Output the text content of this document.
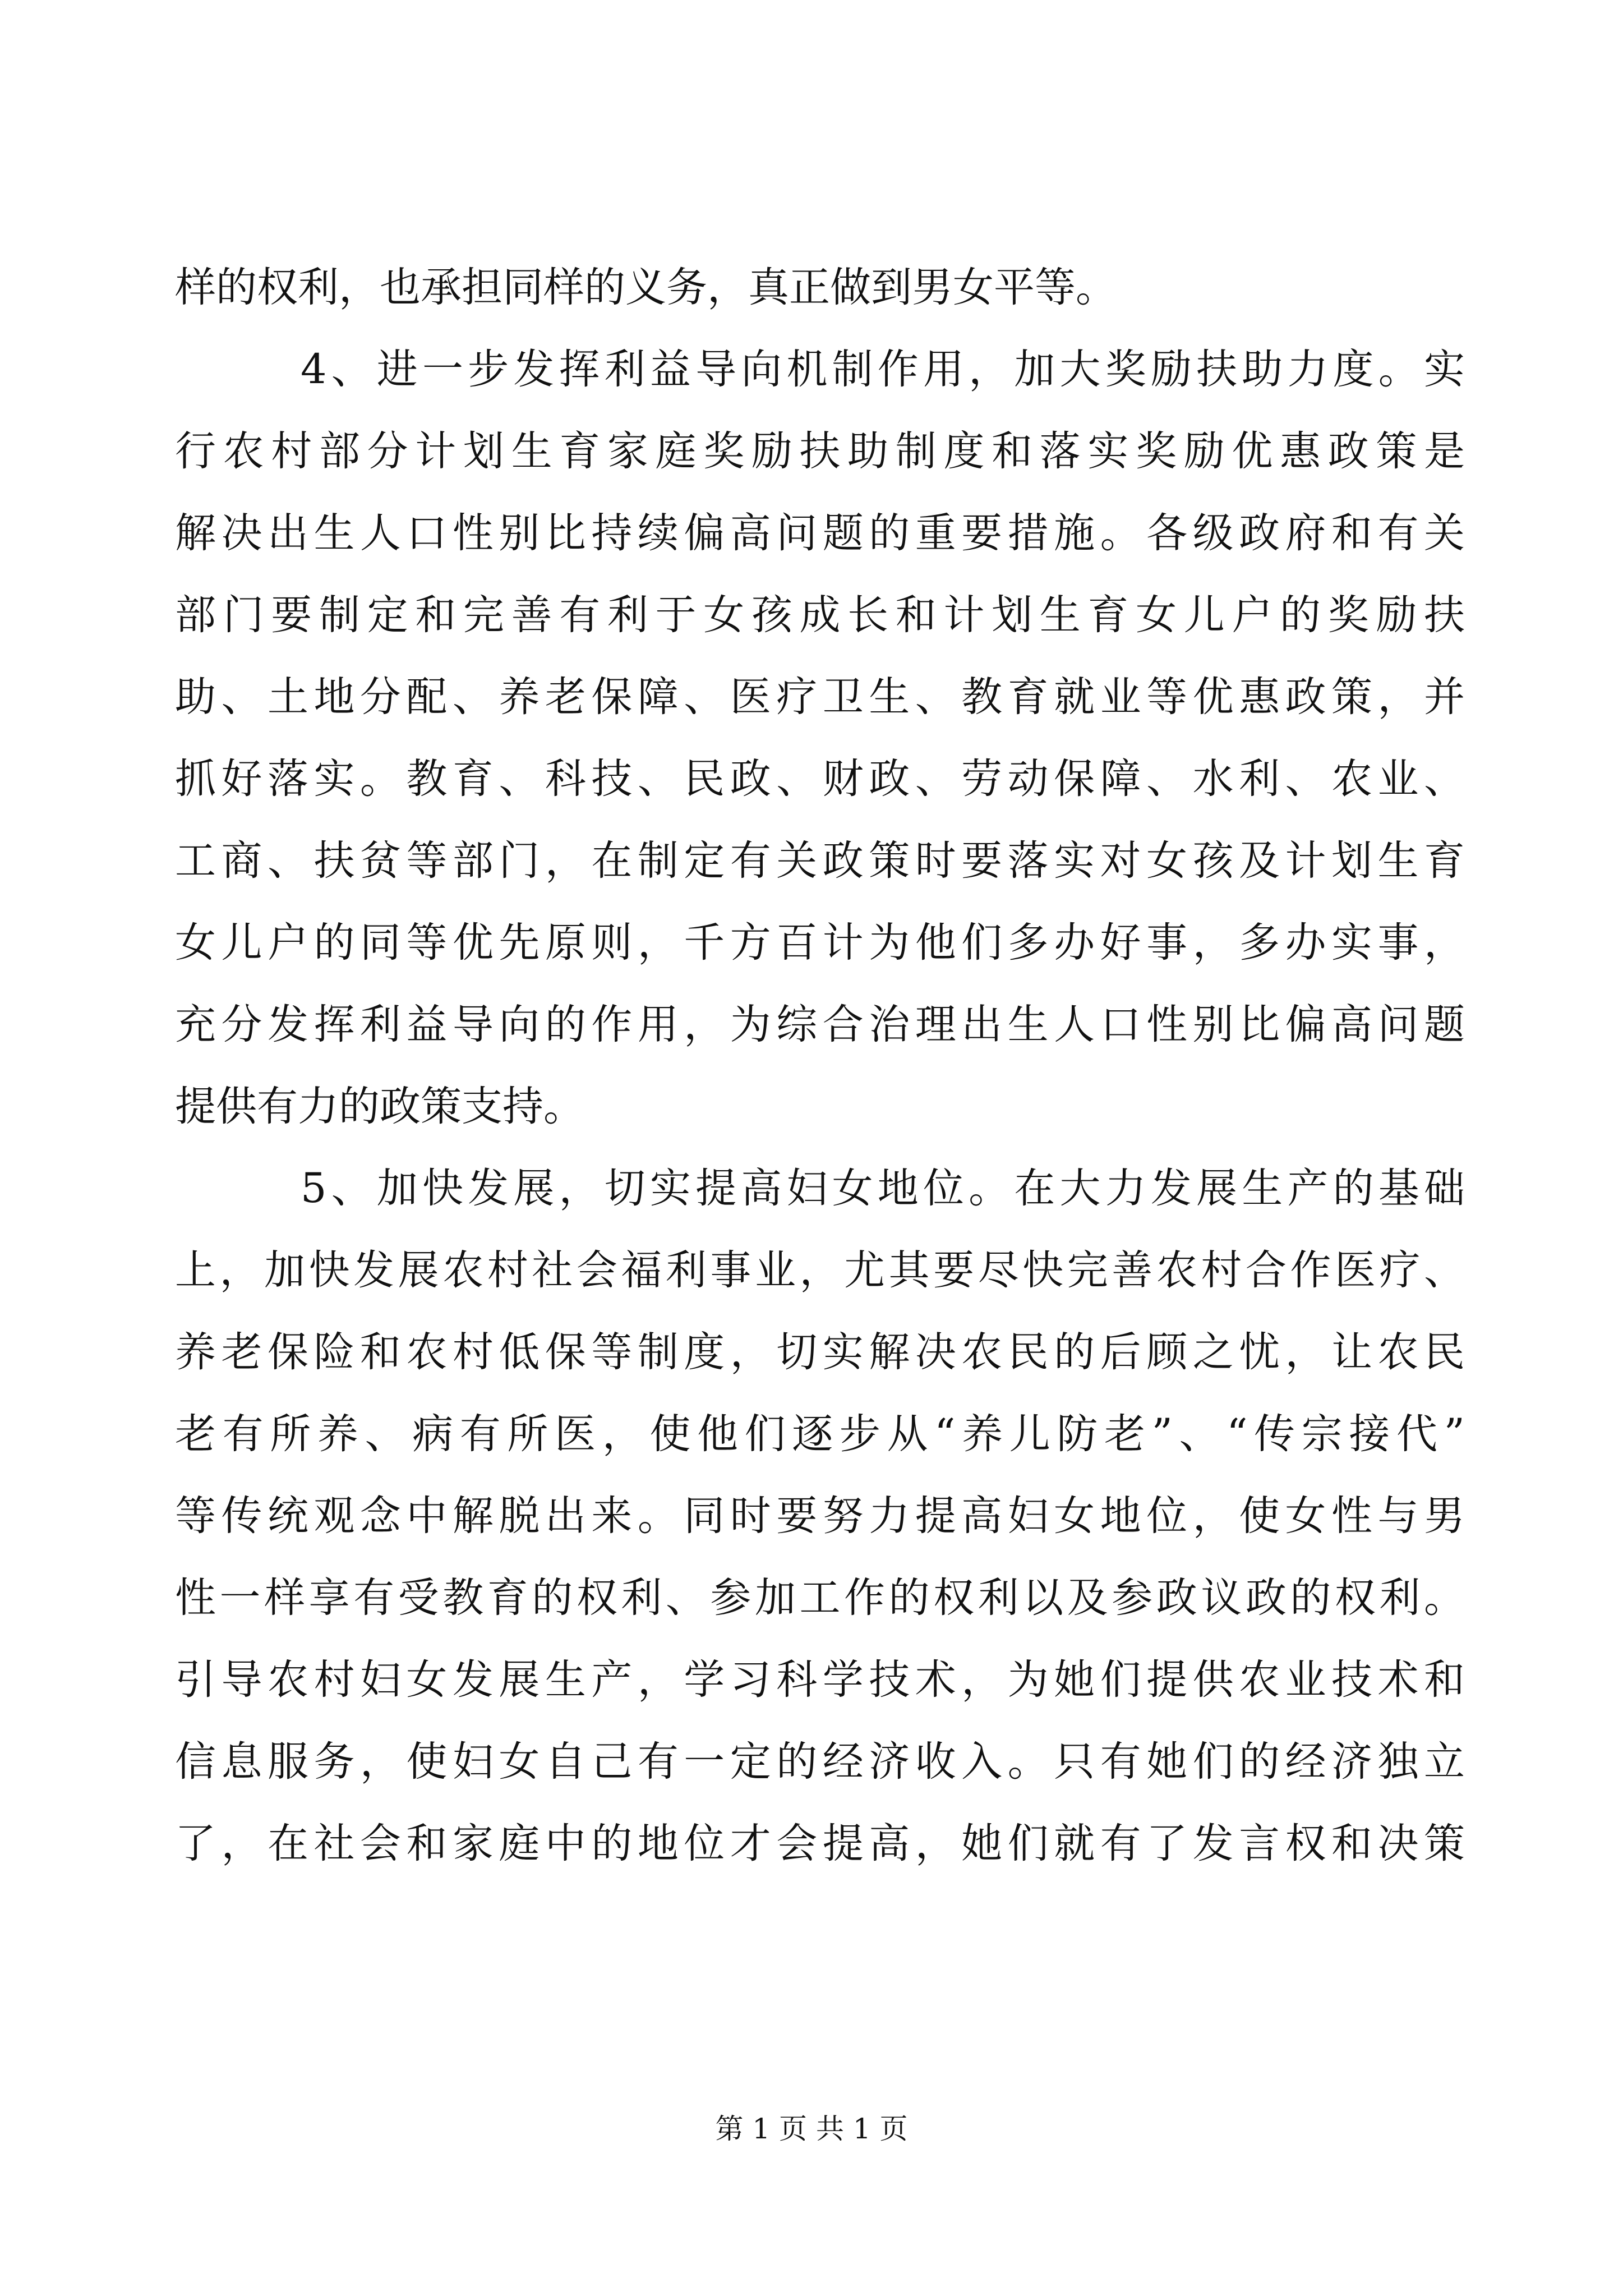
样的权利，也承担同样的义务，真正做到男女平等。
4、进一步发挥利益导向机制作用，加大奖励扶助力度。实
行农村部分计划生育家庭奖励扶助制度和落实奖励优惠政策是
解决出生人口性别比持续偏高问题的重要措施。各级政府和有关
部门要制定和完善有利于女孩成长和计划生育女儿户的奖励扶
助、土地分配、养老保障、医疗卫生、教育就业等优惠政策，并
抓好落实。教育、科技、民政、财政、劳动保障、水利、农业、
工商、扶贫等部门，在制定有关政策时要落实对女孩及计划生育
女儿户的同等优先原则，千方百计为他们多办好事，多办实事，
充分发挥利益导向的作用，为综合治理出生人口性别比偏高问题
提供有力的政策支持。
5、加快发展，切实提高妇女地位。在大力发展生产的基础
上，加快发展农村社会福利事业，尤其要尽快完善农村合作医疗、
养老保险和农村低保等制度，切实解决农民的后顾之忧，让农民
老有所养、病有所医，使他们逐步从“养儿防老”、“传宗接代”
等传统观念中解脱出来。同时要努力提高妇女地位，使女性与男
性一样享有受教育的权利、参加工作的权利以及参政议政的权利。
引导农村妇女发展生产，学习科学技术，为她们提供农业技术和
信息服务，使妇女自己有一定的经济收入。只有她们的经济独立
了，在社会和家庭中的地位才会提高，她们就有了发言权和决策
第 1 页 共 1 页
